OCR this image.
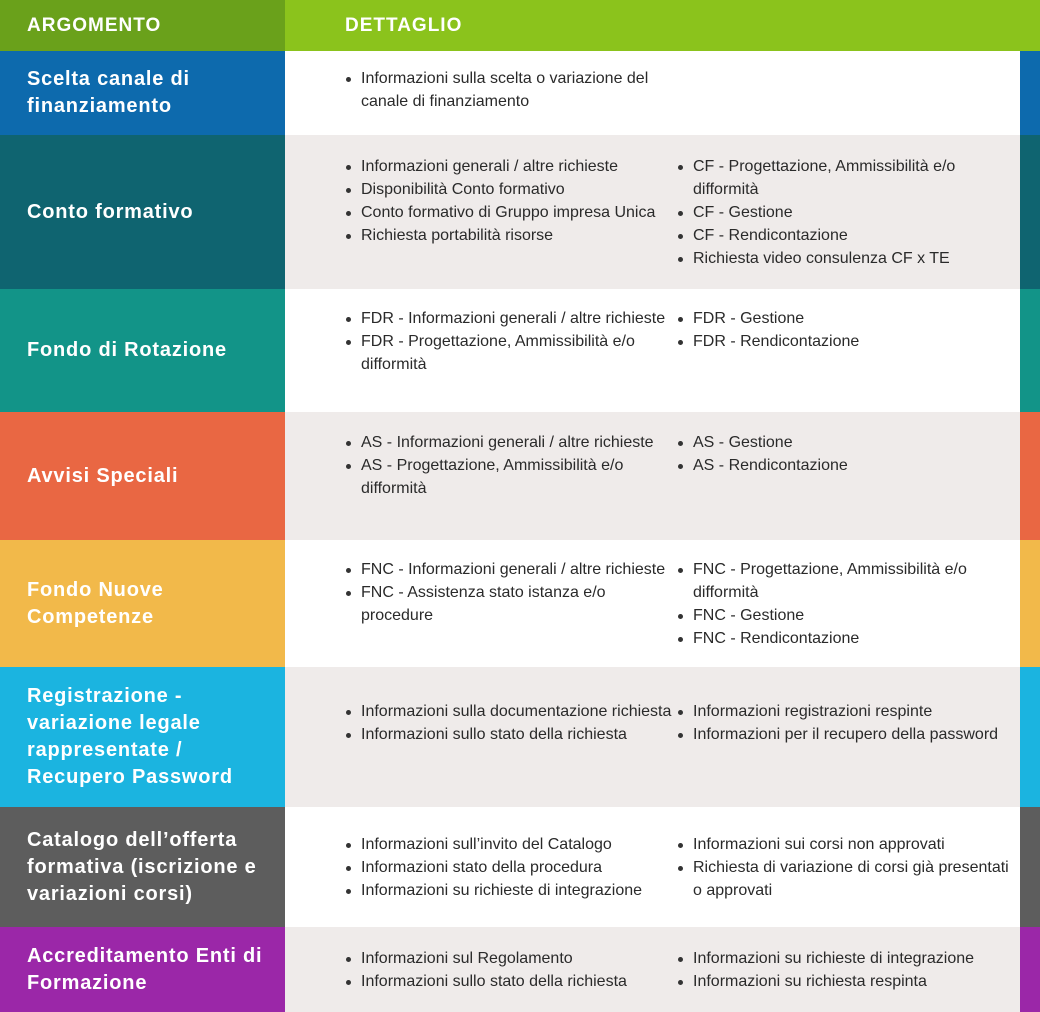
ARGOMENTO	DETTAGLIO
Scelta canale di finanziamento
Informazioni sulla scelta o variazione del canale di finanziamento
Conto formativo
Informazioni generali / altre richieste
Disponibilità Conto formativo
Conto formativo di Gruppo impresa Unica
Richiesta portabilità risorse
CF - Progettazione, Ammissibilità e/o difformità
CF - Gestione
CF - Rendicontazione
Richiesta video consulenza CF x TE
Fondo di Rotazione
FDR - Informazioni generali / altre richieste
FDR - Progettazione, Ammissibilità e/o difformità
FDR - Gestione
FDR - Rendicontazione
Avvisi Speciali
AS - Informazioni generali / altre richieste
AS - Progettazione, Ammissibilità e/o difformità
AS - Gestione
AS - Rendicontazione
Fondo Nuove Competenze
FNC - Informazioni generali / altre richieste
FNC - Assistenza stato istanza e/o procedure
FNC - Progettazione, Ammissibilità e/o difformità
FNC - Gestione
FNC - Rendicontazione
Registrazione - variazione legale rappresentate / Recupero Password
Informazioni sulla documentazione richiesta
Informazioni sullo stato della richiesta
Informazioni registrazioni respinte
Informazioni per il recupero della password
Catalogo dell’offerta formativa (iscrizione e variazioni corsi)
Informazioni sull’invito del Catalogo
Informazioni stato della procedura
Informazioni su richieste di integrazione
Informazioni sui corsi non approvati
Richiesta di variazione di corsi già presentati o approvati
Accreditamento Enti di Formazione
Informazioni sul Regolamento
Informazioni sullo stato della richiesta
Informazioni su richieste di integrazione
Informazioni su richiesta respinta
